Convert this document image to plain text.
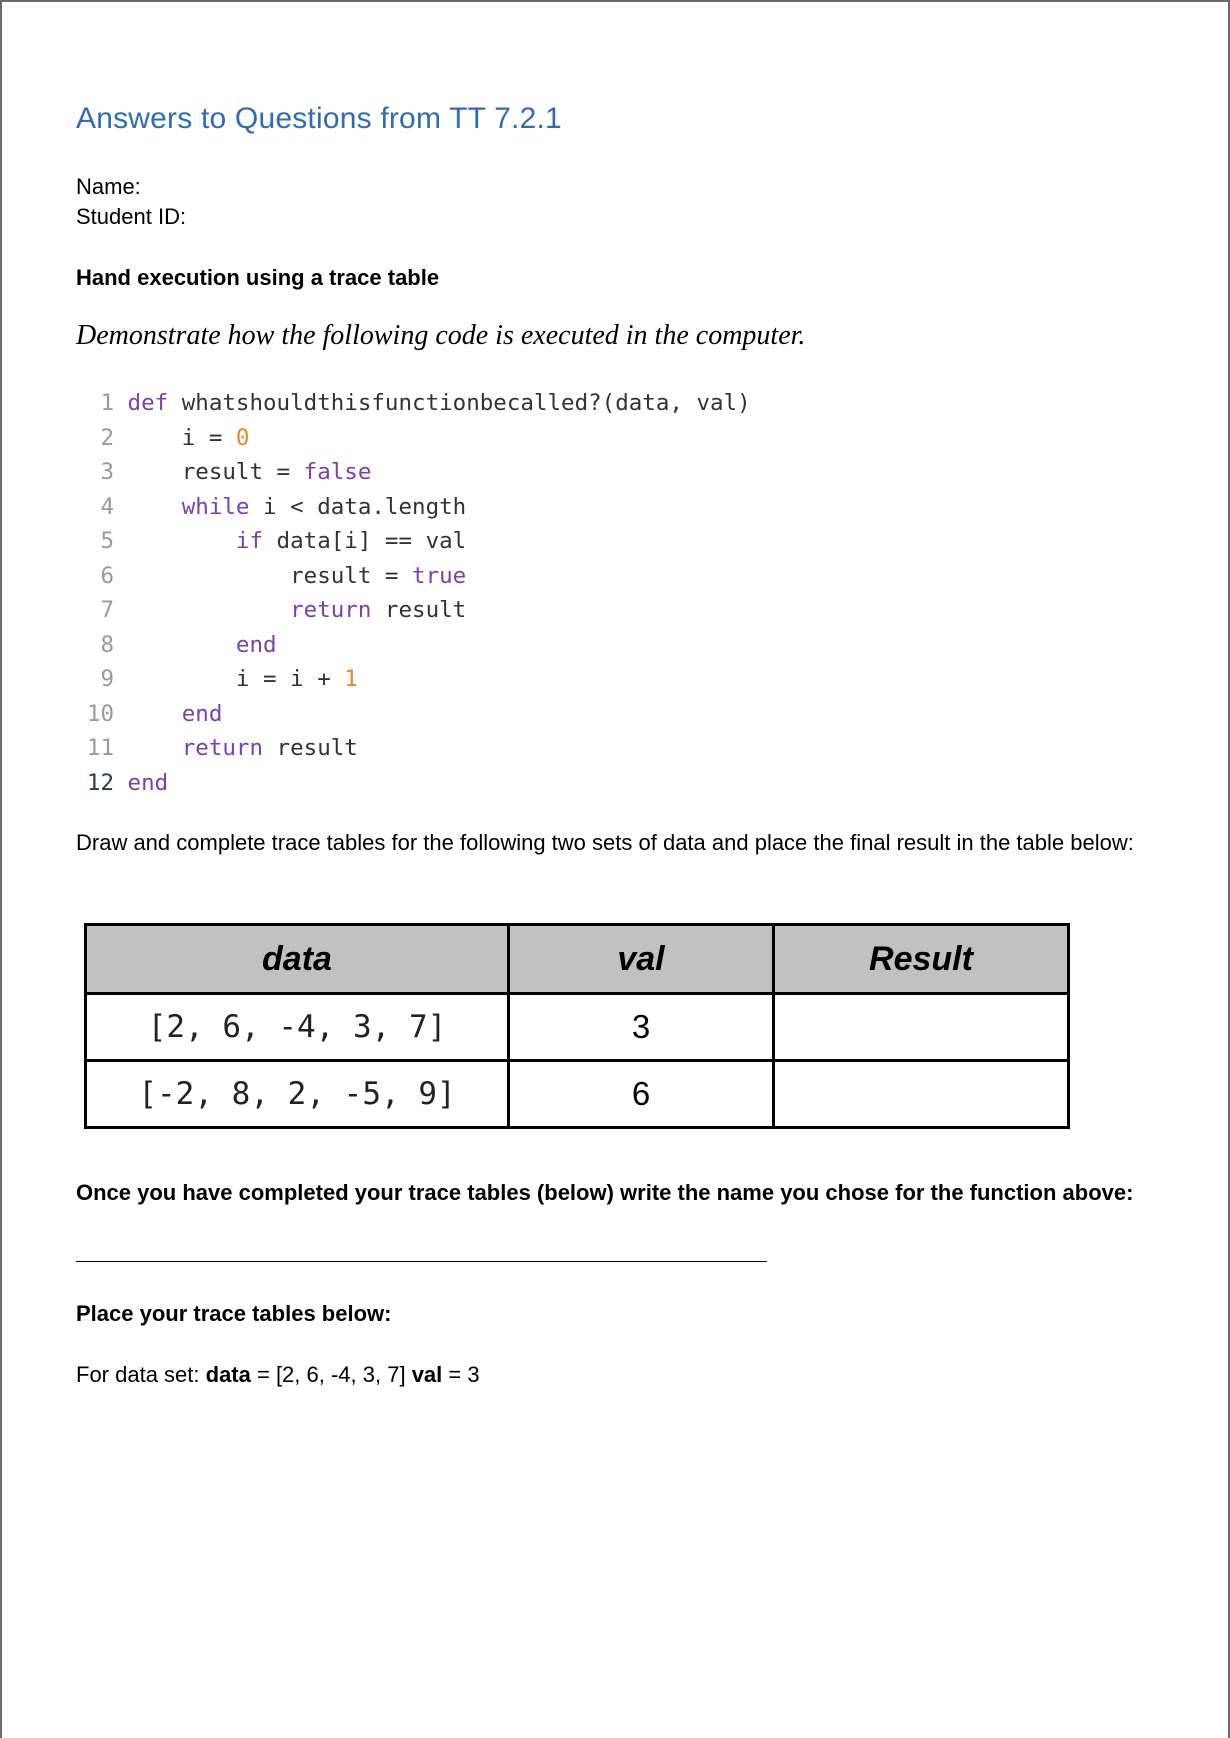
Answers to Questions from TT 7.2.1
Name:
Student ID:
Hand execution using a trace table
Demonstrate how the following code is executed in the computer.
1 def whatshouldthisfunctionbecalled?(data, val)
2     i = 0
3     result = false
4     while i < data.length
5         if data[i] == val
6             result = true
7             return result
8         end
9         i = i + 1
10     end
11     return result
12 end
Draw and complete trace tables for the following two sets of data and place the final result in the table below:
data	val	Result
[2, 6, -4, 3, 7]	3	
[-2, 8, 2, -5, 9]	6	
Once you have completed your trace tables (below) write the name you chose for the function above:
Place your trace tables below:
For data set: data = [2, 6, -4, 3, 7] val = 3
